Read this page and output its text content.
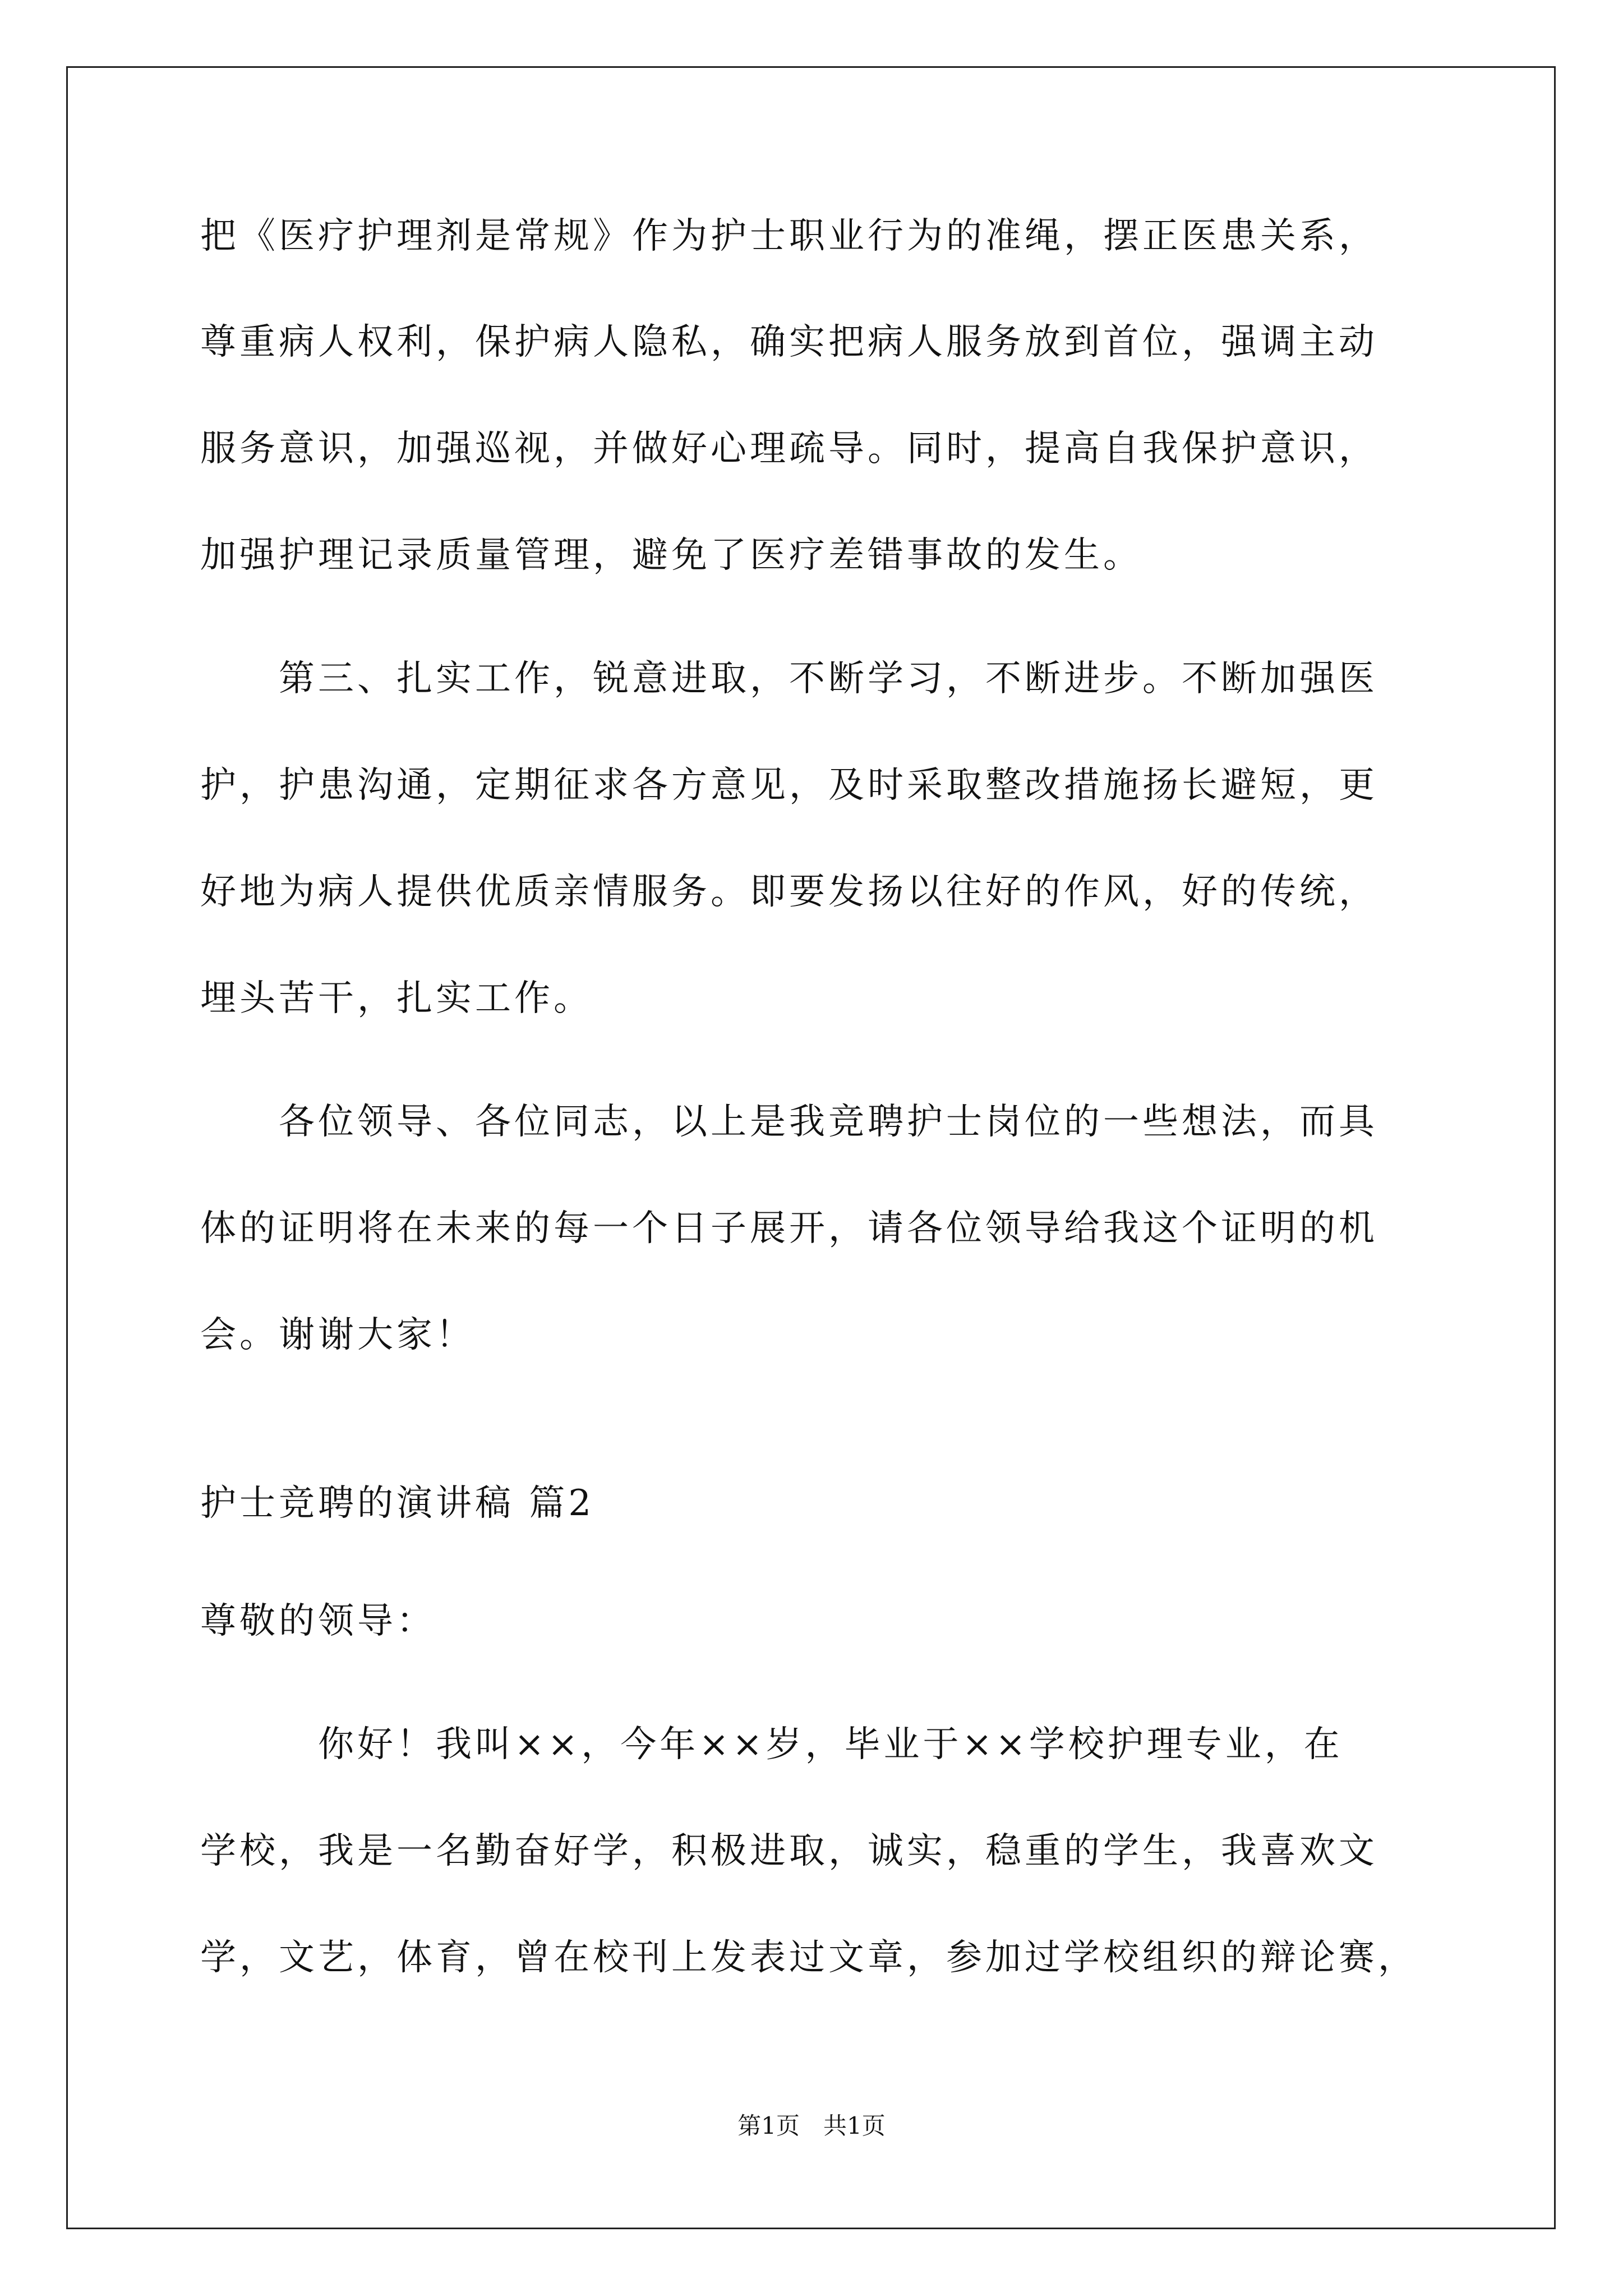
把《医疗护理剂是常规》作为护士职业行为的准绳，摆正医患关系，
尊重病人权利，保护病人隐私，确实把病人服务放到首位，强调主动
服务意识，加强巡视，并做好心理疏导。同时，提高自我保护意识，
加强护理记录质量管理，避免了医疗差错事故的发生。
　　第三、扎实工作，锐意进取，不断学习，不断进步。不断加强医
护，护患沟通，定期征求各方意见，及时采取整改措施扬长避短，更
好地为病人提供优质亲情服务。即要发扬以往好的作风，好的传统，
埋头苦干，扎实工作。
　　各位领导、各位同志，以上是我竞聘护士岗位的一些想法，而具
体的证明将在未来的每一个日子展开，请各位领导给我这个证明的机
会。谢谢大家！
护士竞聘的演讲稿 篇2
尊敬的领导：
　　　你好！我叫××，今年××岁，毕业于××学校护理专业，在
学校，我是一名勤奋好学，积极进取，诚实，稳重的学生，我喜欢文
学，文艺，体育，曾在校刊上发表过文章，参加过学校组织的辩论赛，
第1页　共1页
